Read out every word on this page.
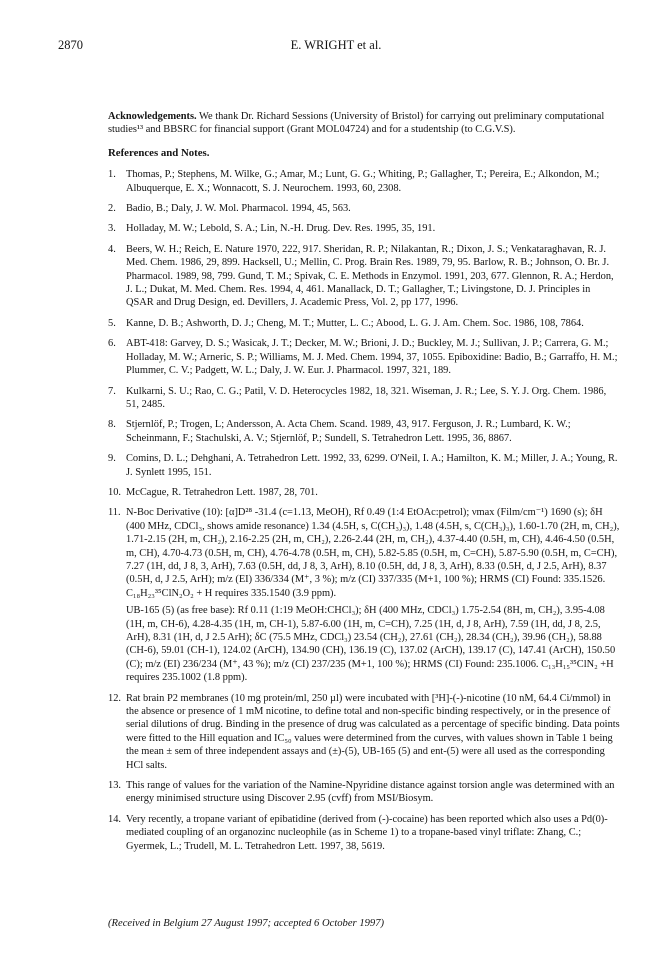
2870	E. WRIGHT et al.

Acknowledgements. We thank Dr. Richard Sessions (University of Bristol) for carrying out preliminary computational studies¹³ and BBSRC for financial support (Grant MOL04724) and for a studentship (to C.G.V.S).

References and Notes.
1. Thomas, P.; Stephens, M. Wilke, G.; Amar, M.; Lunt, G. G.; Whiting, P.; Gallagher, T.; Pereira, E.; Alkondon, M.; Albuquerque, E. X.; Wonnacott, S. J. Neurochem. 1993, 60, 2308.

2. Badio, B.; Daly, J. W. Mol. Pharmacol. 1994, 45, 563.

3. Holladay, M. W.; Lebold, S. A.; Lin, N.-H. Drug. Dev. Res. 1995, 35, 191.

4. Beers, W. H.; Reich, E. Nature 1970, 222, 917. Sheridan, R. P.; Nilakantan, R.; Dixon, J. S.; Venkataraghavan, R. J. Med. Chem. 1986, 29, 899. Hacksell, U.; Mellin, C. Prog. Brain Res. 1989, 79, 95. Barlow, R. B.; Johnson, O. Br. J. Pharmacol. 1989, 98, 799. Gund, T. M.; Spivak, C. E. Methods in Enzymol. 1991, 203, 677. Glennon, R. A.; Herdon, J. L.; Dukat, M. Med. Chem. Res. 1994, 4, 461. Manallack, D. T.; Gallagher, T.; Livingstone, D. J. Principles in QSAR and Drug Design, ed. Devillers, J. Academic Press, Vol. 2, pp 177, 1996.

5. Kanne, D. B.; Ashworth, D. J.; Cheng, M. T.; Mutter, L. C.; Abood, L. G. J. Am. Chem. Soc. 1986, 108, 7864.

6. ABT-418: Garvey, D. S.; Wasicak, J. T.; Decker, M. W.; Brioni, J. D.; Buckley, M. J.; Sullivan, J. P.; Carrera, G. M.; Holladay, M. W.; Arneric, S. P.; Williams, M. J. Med. Chem. 1994, 37, 1055. Epiboxidine: Badio, B.; Garraffo, H. M.; Plummer, C. V.; Padgett, W. L.; Daly, J. W. Eur. J. Pharmacol. 1997, 321, 189.

7. Kulkarni, S. U.; Rao, C. G.; Patil, V. D. Heterocycles 1982, 18, 321. Wiseman, J. R.; Lee, S. Y. J. Org. Chem. 1986, 51, 2485.

8. Stjernlöf, P.; Trogen, L; Andersson, A. Acta Chem. Scand. 1989, 43, 917. Ferguson, J. R.; Lumbard, K. W.; Scheinmann, F.; Stachulski, A. V.; Stjernlöf, P.; Sundell, S. Tetrahedron Lett. 1995, 36, 8867.

9. Comins, D. L.; Dehghani, A. Tetrahedron Lett. 1992, 33, 6299. O'Neil, I. A.; Hamilton, K. M.; Miller, J. A.; Young, R. J. Synlett 1995, 151.

10. McCague, R. Tetrahedron Lett. 1987, 28, 701.

11. N-Boc Derivative (10): [α]D²⁸ -31.4 (c=1.13, MeOH), Rf 0.49 (1:4 EtOAc:petrol); νmax (Film/cm⁻¹) 1690 (s); δH (400 MHz, CDCl₃, shows amide resonance) 1.34 (4.5H, s, C(CH₃)₃), 1.48 (4.5H, s, C(CH₃)₃), 1.60-1.70 (2H, m, CH₂), 1.71-2.15 (2H, m, CH₂), 2.16-2.25 (2H, m, CH₂), 2.26-2.44 (2H, m, CH₂), 4.37-4.40 (0.5H, m, CH), 4.46-4.50 (0.5H, m, CH), 4.70-4.73 (0.5H, m, CH), 4.76-4.78 (0.5H, m, CH), 5.82-5.85 (0.5H, m, C=CH), 5.87-5.90 (0.5H, m, C=CH), 7.27 (1H, dd, J 8, 3, ArH), 7.63 (0.5H, dd, J 8, 3, ArH), 8.10 (0.5H, dd, J 8, 3, ArH), 8.33 (0.5H, d, J 2.5, ArH), 8.37 (0.5H, d, J 2.5, ArH); m/z (EI) 336/334 (M⁺, 3 %); m/z (CI) 337/335 (M+1, 100 %); HRMS (CI) Found: 335.1526. C₁₈H₂₃³⁵ClN₂O₂ + H requires 335.1540 (3.9 ppm).

UB-165 (5) (as free base): Rf 0.11 (1:19 MeOH:CHCl₃); δH (400 MHz, CDCl₃) 1.75-2.54 (8H, m, CH₂), 3.95-4.08 (1H, m, CH-6), 4.28-4.35 (1H, m, CH-1), 5.87-6.00 (1H, m, C=CH), 7.25 (1H, d, J 8, ArH), 7.59 (1H, dd, J 8, 2.5, ArH), 8.31 (1H, d, J 2.5 ArH); δC (75.5 MHz, CDCl₃) 23.54 (CH₂), 27.61 (CH₂), 28.34 (CH₂), 39.96 (CH₂), 58.88 (CH-6), 59.01 (CH-1), 124.02 (ArCH), 134.90 (CH), 136.19 (C), 137.02 (ArCH), 139.17 (C), 147.41 (ArCH), 150.50 (C); m/z (EI) 236/234 (M⁺, 43 %); m/z (CI) 237/235 (M+1, 100 %); HRMS (CI) Found: 235.1006. C₁₃H₁₅³⁵ClN₂ +H requires 235.1002 (1.8 ppm).

12. Rat brain P2 membranes (10 mg protein/ml, 250 µl) were incubated with [³H]-(-)-nicotine (10 nM, 64.4 Ci/mmol) in the absence or presence of 1 mM nicotine, to define total and non-specific binding respectively, or in the presence of serial dilutions of drug. Binding in the presence of drug was calculated as a percentage of specific binding. Data points were fitted to the Hill equation and IC₅₀ values were determined from the curves, with values shown in Table 1 being the mean ± sem of three independent assays and (±)-(5), UB-165 (5) and ent-(5) were all used as the corresponding HCl salts.

13. This range of values for the variation of the Namine-Npyridine distance against torsion angle was determined with an energy minimised structure using Discover 2.95 (cvff) from MSI/Biosym.

14. Very recently, a tropane variant of epibatidine (derived from (-)-cocaine) has been reported which also uses a Pd(0)-mediated coupling of an organozinc nucleophile (as in Scheme 1) to a tropane-based vinyl triflate: Zhang, C.; Gyermek, L.; Trudell, M. L. Tetrahedron Lett. 1997, 38, 5619.

(Received in Belgium 27 August 1997; accepted 6 October 1997)
